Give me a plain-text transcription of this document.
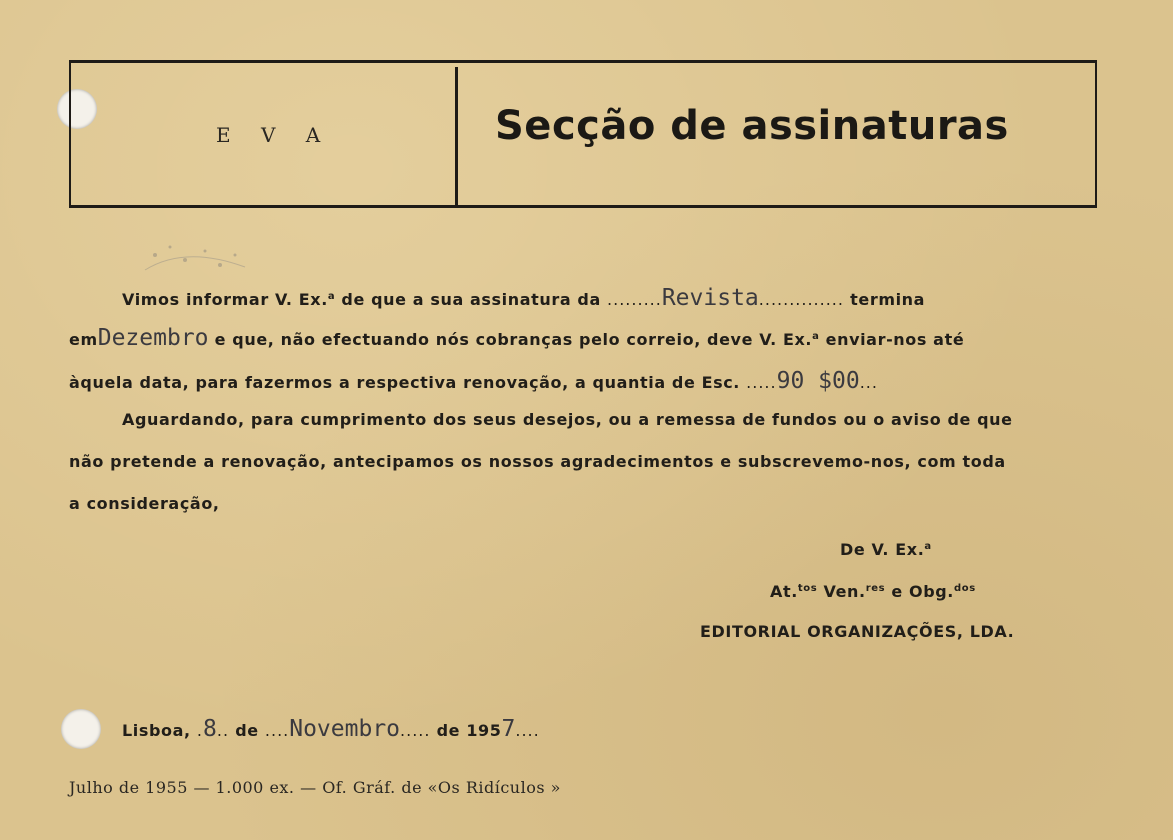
E V A	Secção de assinaturas
Vimos informar V. Ex.$^a$ de que a sua assinatura da .........Revista.............. termina
emDezembro e que, não efectuando nós cobranças pelo correio, deve V. Ex.$^a$ enviar-nos até
àquela data, para fazermos a respectiva renovação, a quantia de Esc. .....90 $00...
Aguardando, para cumprimento dos seus desejos, ou a remessa de fundos ou o aviso de que
não pretende a renovação, antecipamos os nossos agradecimentos e subscrevemo-nos, com toda
a consideração,
De V. Ex.$^a$
At.$^{tos}$ Ven.$^{res}$ e Obg.$^{dos}$
EDITORIAL ORGANIZAÇÕES, LDA.
Lisboa, .8.. de ....Novembro..... de 1957....
Julho de 1955 — 1.000 ex. — Of. Gráf. de «Os Ridículos »
